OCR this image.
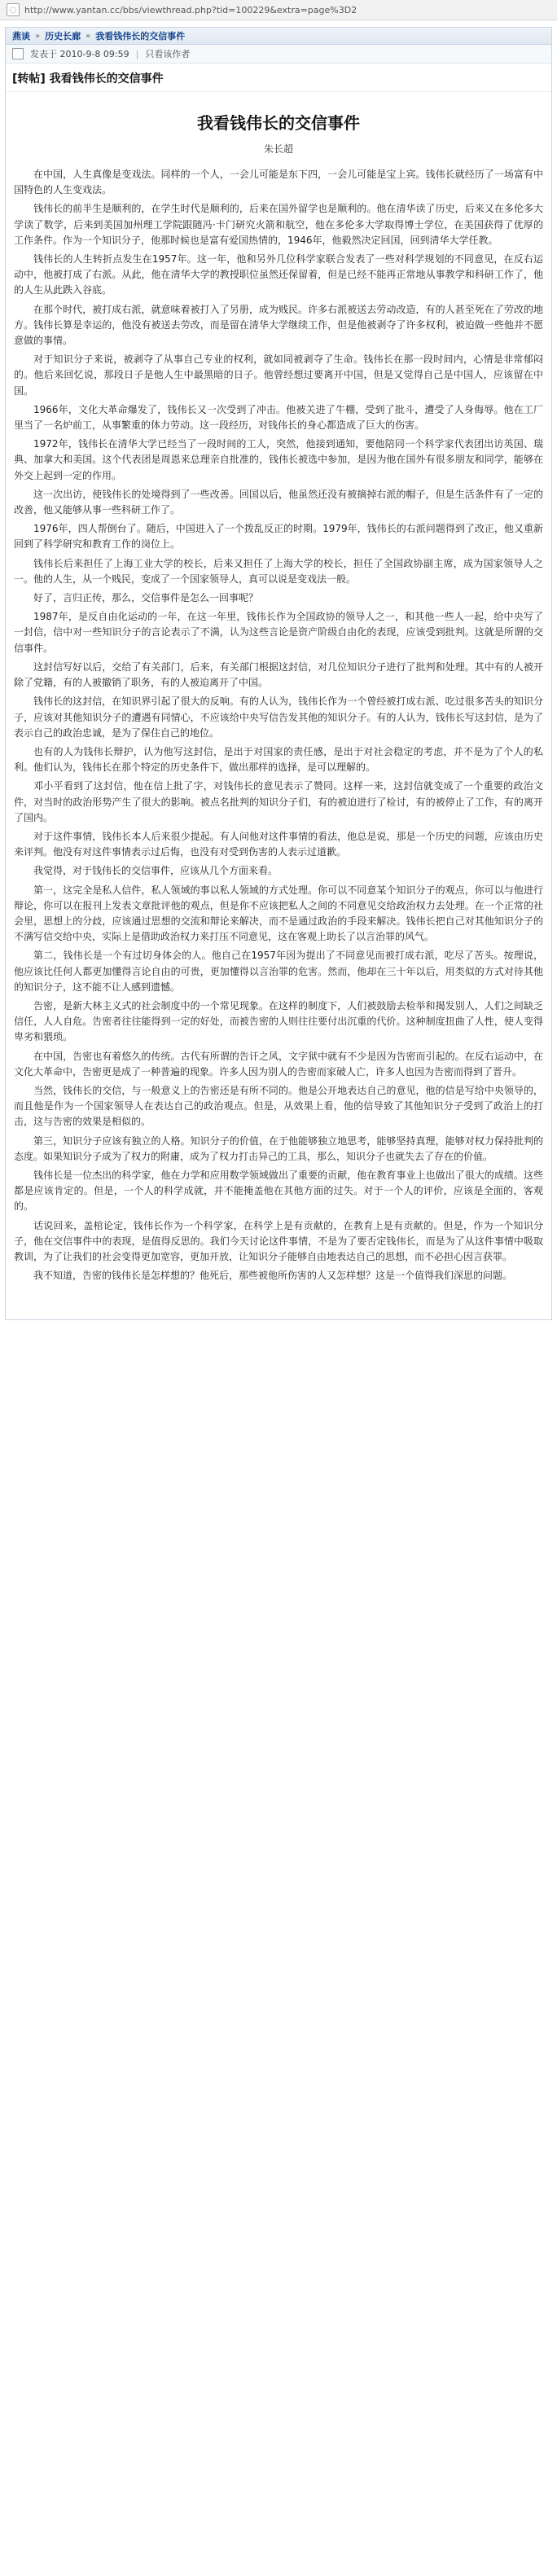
◌ http://www.yantan.cc/bbs/viewthread.php?tid=100229&extra=page%3D2
燕谈 » 历史长廊 » 我看钱伟长的交信事件
发表于 2010-9-8 09:59 | 只看该作者
[转帖] 我看钱伟长的交信事件
我看钱伟长的交信事件
朱长超

在中国，人生真像是变戏法。同样的一个人，一会儿可能是东下四，一会儿可能是宝上宾。钱伟长就经历了一场富有中国特色的人生变戏法。

钱伟长的前半生是顺利的，在学生时代是顺利的，后来在国外留学也是顺利的。他在清华读了历史，后来又在多伦多大学读了数学，后来到美国加州理工学院跟随冯·卡门研究火箭和航空，他在多伦多大学取得博士学位，在美国获得了优厚的工作条件。作为一个知识分子，他那时候也是富有爱国热情的，1946年，他毅然决定回国，回到清华大学任教。

钱伟长的人生转折点发生在1957年。这一年，他和另外几位科学家联合发表了一些对科学规划的不同意见，在反右运动中，他被打成了右派。从此，他在清华大学的教授职位虽然还保留着，但是已经不能再正常地从事教学和科研工作了，他的人生从此跌入谷底。

在那个时代，被打成右派，就意味着被打入了另册，成为贱民。许多右派被送去劳动改造，有的人甚至死在了劳改的地方。钱伟长算是幸运的，他没有被送去劳改，而是留在清华大学继续工作，但是他被剥夺了许多权利，被迫做一些他并不愿意做的事情。

对于知识分子来说，被剥夺了从事自己专业的权利，就如同被剥夺了生命。钱伟长在那一段时间内，心情是非常郁闷的。他后来回忆说，那段日子是他人生中最黑暗的日子。他曾经想过要离开中国，但是又觉得自己是中国人，应该留在中国。

1966年，文化大革命爆发了，钱伟长又一次受到了冲击。他被关进了牛棚，受到了批斗，遭受了人身侮辱。他在工厂里当了一名炉前工，从事繁重的体力劳动。这一段经历，对钱伟长的身心都造成了巨大的伤害。

1972年，钱伟长在清华大学已经当了一段时间的工人，突然，他接到通知，要他陪同一个科学家代表团出访英国、瑞典、加拿大和美国。这个代表团是周恩来总理亲自批准的，钱伟长被选中参加，是因为他在国外有很多朋友和同学，能够在外交上起到一定的作用。

这一次出访，使钱伟长的处境得到了一些改善。回国以后，他虽然还没有被摘掉右派的帽子，但是生活条件有了一定的改善，他又能够从事一些科研工作了。

1976年，四人帮倒台了。随后，中国进入了一个拨乱反正的时期。1979年，钱伟长的右派问题得到了改正，他又重新回到了科学研究和教育工作的岗位上。

钱伟长后来担任了上海工业大学的校长，后来又担任了上海大学的校长，担任了全国政协副主席，成为国家领导人之一。他的人生，从一个贱民，变成了一个国家领导人，真可以说是变戏法一般。

好了，言归正传，那么，交信事件是怎么一回事呢？

1987年，是反自由化运动的一年，在这一年里，钱伟长作为全国政协的领导人之一，和其他一些人一起，给中央写了一封信，信中对一些知识分子的言论表示了不满，认为这些言论是资产阶级自由化的表现，应该受到批判。这就是所谓的交信事件。

这封信写好以后，交给了有关部门，后来，有关部门根据这封信，对几位知识分子进行了批判和处理。其中有的人被开除了党籍，有的人被撤销了职务，有的人被迫离开了中国。

钱伟长的这封信，在知识界引起了很大的反响。有的人认为，钱伟长作为一个曾经被打成右派、吃过很多苦头的知识分子，应该对其他知识分子的遭遇有同情心，不应该给中央写信告发其他的知识分子。有的人认为，钱伟长写这封信，是为了表示自己的政治忠诚，是为了保住自己的地位。

也有的人为钱伟长辩护，认为他写这封信，是出于对国家的责任感，是出于对社会稳定的考虑，并不是为了个人的私利。他们认为，钱伟长在那个特定的历史条件下，做出那样的选择，是可以理解的。

邓小平看到了这封信，他在信上批了字，对钱伟长的意见表示了赞同。这样一来，这封信就变成了一个重要的政治文件，对当时的政治形势产生了很大的影响。被点名批判的知识分子们，有的被迫进行了检讨，有的被停止了工作，有的离开了国内。

对于这件事情，钱伟长本人后来很少提起。有人问他对这件事情的看法，他总是说，那是一个历史的问题，应该由历史来评判。他没有对这件事情表示过后悔，也没有对受到伤害的人表示过道歉。

我觉得，对于钱伟长的交信事件，应该从几个方面来看。

第一，这完全是私人信件，私人领域的事以私人领域的方式处理。你可以不同意某个知识分子的观点，你可以与他进行辩论，你可以在报刊上发表文章批评他的观点，但是你不应该把私人之间的不同意见交给政治权力去处理。在一个正常的社会里，思想上的分歧，应该通过思想的交流和辩论来解决，而不是通过政治的手段来解决。钱伟长把自己对其他知识分子的不满写信交给中央，实际上是借助政治权力来打压不同意见，这在客观上助长了以言治罪的风气。

第二，钱伟长是一个有过切身体会的人。他自己在1957年因为提出了不同意见而被打成右派，吃尽了苦头。按理说，他应该比任何人都更加懂得言论自由的可贵，更加懂得以言治罪的危害。然而，他却在三十年以后，用类似的方式对待其他的知识分子，这不能不让人感到遗憾。

告密，是新大林主义式的社会制度中的一个常见现象。在这样的制度下，人们被鼓励去检举和揭发别人，人们之间缺乏信任，人人自危。告密者往往能得到一定的好处，而被告密的人则往往要付出沉重的代价。这种制度扭曲了人性，使人变得卑劣和猥琐。

在中国，告密也有着悠久的传统。古代有所谓的告讦之风，文字狱中就有不少是因为告密而引起的。在反右运动中，在文化大革命中，告密更是成了一种普遍的现象。许多人因为别人的告密而家破人亡，许多人也因为告密而得到了晋升。

当然，钱伟长的交信，与一般意义上的告密还是有所不同的。他是公开地表达自己的意见，他的信是写给中央领导的，而且他是作为一个国家领导人在表达自己的政治观点。但是，从效果上看，他的信导致了其他知识分子受到了政治上的打击，这与告密的效果是相似的。

第三，知识分子应该有独立的人格。知识分子的价值，在于他能够独立地思考，能够坚持真理，能够对权力保持批判的态度。如果知识分子成为了权力的附庸，成为了权力打击异己的工具，那么，知识分子也就失去了存在的价值。

钱伟长是一位杰出的科学家，他在力学和应用数学领域做出了重要的贡献，他在教育事业上也做出了很大的成绩。这些都是应该肯定的。但是，一个人的科学成就，并不能掩盖他在其他方面的过失。对于一个人的评价，应该是全面的，客观的。

话说回来，盖棺论定，钱伟长作为一个科学家，在科学上是有贡献的，在教育上是有贡献的。但是，作为一个知识分子，他在交信事件中的表现，是值得反思的。我们今天讨论这件事情，不是为了要否定钱伟长，而是为了从这件事情中吸取教训，为了让我们的社会变得更加宽容，更加开放，让知识分子能够自由地表达自己的思想，而不必担心因言获罪。

我不知道，告密的钱伟长是怎样想的？他死后，那些被他所伤害的人又怎样想？这是一个值得我们深思的问题。
